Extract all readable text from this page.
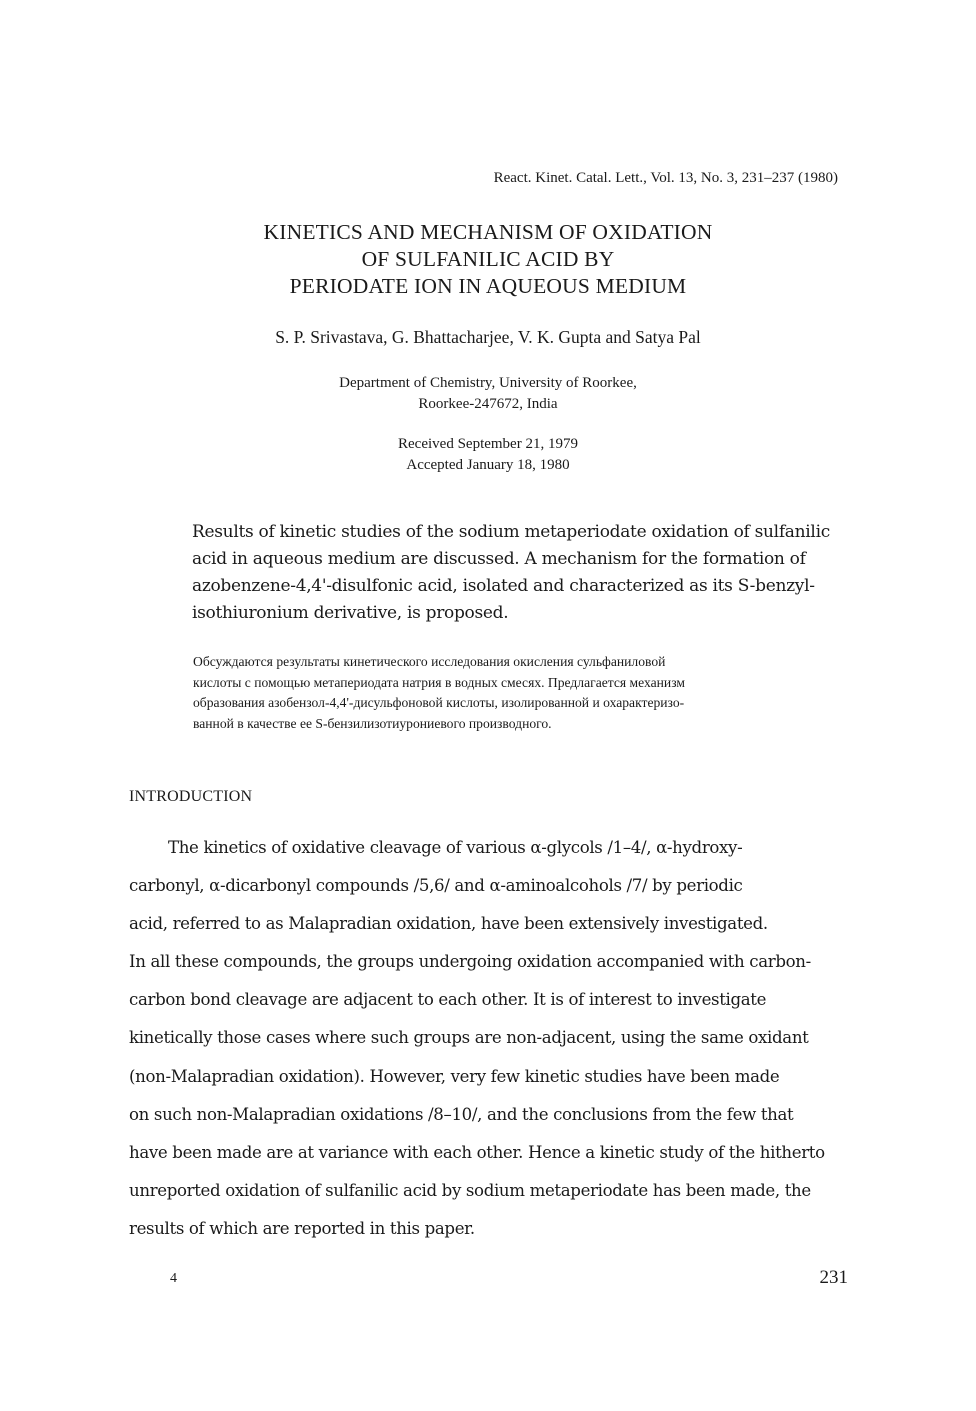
React. Kinet. Catal. Lett., Vol. 13, No. 3, 231–237 (1980)
KINETICS AND MECHANISM OF OXIDATION
OF SULFANILIC ACID BY
PERIODATE ION IN AQUEOUS MEDIUM
S. P. Srivastava, G. Bhattacharjee, V. K. Gupta and Satya Pal
Department of Chemistry, University of Roorkee,
Roorkee-247672, India
Received September 21, 1979
Accepted January 18, 1980
Results of kinetic studies of the sodium metaperiodate oxidation of sulfanilic
acid in aqueous medium are discussed. A mechanism for the formation of
azobenzene-4,4'-disulfonic acid, isolated and characterized as its S-benzyl-
isothiuronium derivative, is proposed.
Обсуждаются результаты кинетического исследования окисления сульфаниловой
кислоты с помощью метапериодата натрия в водных смесях. Предлагается механизм
образования азобензол-4,4'-дисульфоновой кислоты, изолированной и охарактеризо-
ванной в качестве ее S-бензилизотиурониевого производного.
INTRODUCTION
The kinetics of oxidative cleavage of various α-glycols /1–4/, α-hydroxy-
carbonyl, α-dicarbonyl compounds /5,6/ and α-aminoalcohols /7/ by periodic
acid, referred to as Malapradian oxidation, have been extensively investigated.
In all these compounds, the groups undergoing oxidation accompanied with carbon-
carbon bond cleavage are adjacent to each other. It is of interest to investigate
kinetically those cases where such groups are non-adjacent, using the same oxidant
(non-Malapradian oxidation). However, very few kinetic studies have been made
on such non-Malapradian oxidations /8–10/, and the conclusions from the few that
have been made are at variance with each other. Hence a kinetic study of the hitherto
unreported oxidation of sulfanilic acid by sodium metaperiodate has been made, the
results of which are reported in this paper.
4	231
